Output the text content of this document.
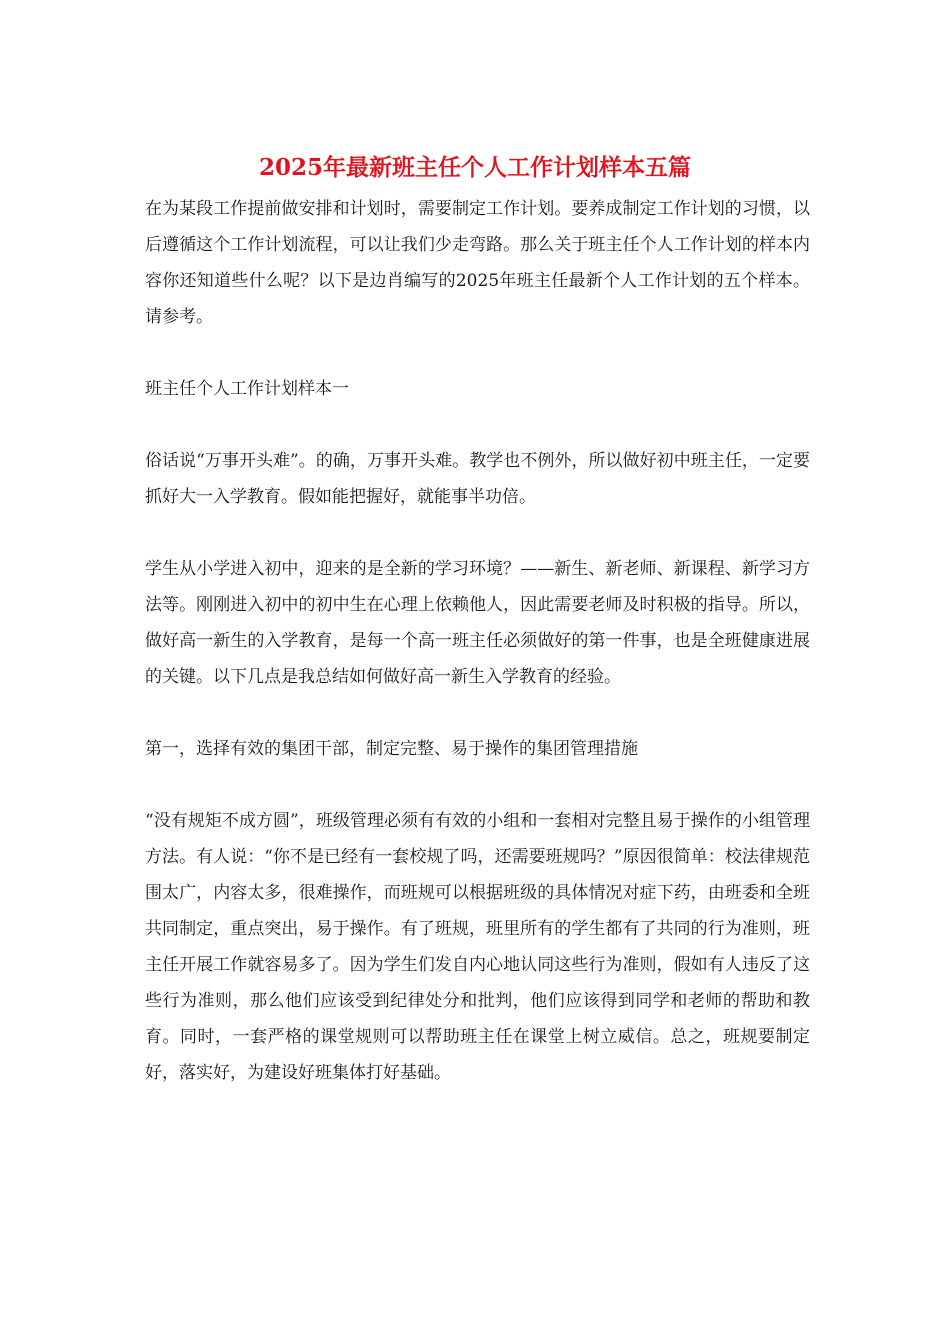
2025年最新班主任个人工作计划样本五篇

在为某段工作提前做安排和计划时，需要制定工作计划。要养成制定工作计划的习惯，以后遵循这个工作计划流程，可以让我们少走弯路。那么关于班主任个人工作计划的样本内容你还知道些什么呢？以下是边肖编写的2025年班主任最新个人工作计划的五个样本。请参考。

班主任个人工作计划样本一

俗话说“万事开头难”。的确，万事开头难。教学也不例外，所以做好初中班主任，一定要抓好大一入学教育。假如能把握好，就能事半功倍。

学生从小学进入初中，迎来的是全新的学习环境？——新生、新老师、新课程、新学习方法等。刚刚进入初中的初中生在心理上依赖他人，因此需要老师及时积极的指导。所以，做好高一新生的入学教育，是每一个高一班主任必须做好的第一件事，也是全班健康进展的关键。以下几点是我总结如何做好高一新生入学教育的经验。

第一，选择有效的集团干部，制定完整、易于操作的集团管理措施

“没有规矩不成方圆”，班级管理必须有有效的小组和一套相对完整且易于操作的小组管理方法。有人说：“你不是已经有一套校规了吗，还需要班规吗？”原因很简单：校法律规范围太广，内容太多，很难操作，而班规可以根据班级的具体情况对症下药，由班委和全班共同制定，重点突出，易于操作。有了班规，班里所有的学生都有了共同的行为准则，班主任开展工作就容易多了。因为学生们发自内心地认同这些行为准则，假如有人违反了这些行为准则，那么他们应该受到纪律处分和批判，他们应该得到同学和老师的帮助和教育。同时，一套严格的课堂规则可以帮助班主任在课堂上树立威信。总之，班规要制定好，落实好，为建设好班集体打好基础。
